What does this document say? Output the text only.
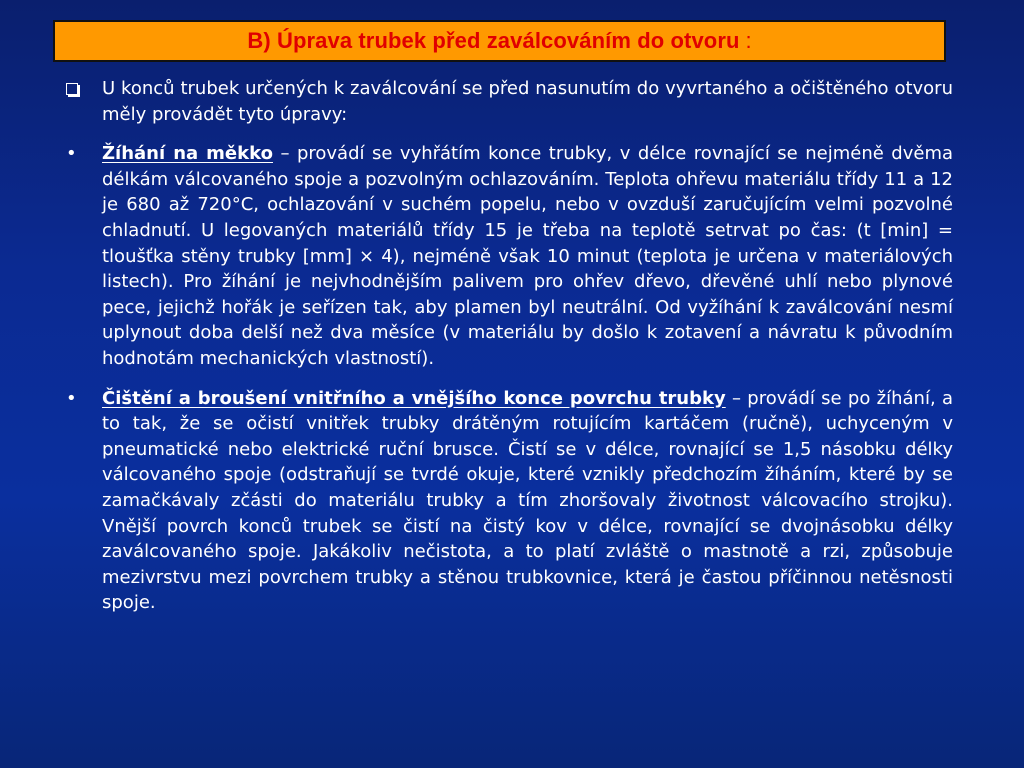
B) Úprava trubek před zaválcováním do otvoru :
U konců trubek určených k zaválcování se před nasunutím do vyvrtaného a očištěného otvoru měly provádět tyto úpravy:
•	Žíhání na měkko – provádí se vyhřátím konce trubky, v délce rovnající se nejméně dvěma délkám válcovaného spoje a pozvolným ochlazováním. Teplota ohřevu materiálu třídy 11 a 12 je 680 až 720°C, ochlazování v suchém popelu, nebo v ovzduší zaručujícím velmi pozvolné chladnutí. U legovaných materiálů třídy 15 je třeba na teplotě setrvat po čas: (t [min] = tloušťka stěny trubky [mm] × 4), nejméně však 10 minut (teplota je určena v materiálových listech). Pro žíhání je nejvhodnějším palivem pro ohřev dřevo, dřevěné uhlí nebo plynové pece, jejichž hořák je seřízen tak, aby plamen byl neutrální. Od vyžíhání k zaválcování nesmí uplynout doba delší než dva měsíce (v materiálu by došlo k zotavení a návratu k původním hodnotám mechanických vlastností).
•	Čištění a broušení vnitřního a vnějšího konce povrchu trubky – provádí se po žíhání, a to tak, že se očistí vnitřek trubky drátěným rotujícím kartáčem (ručně), uchyceným v pneumatické nebo elektrické ruční brusce. Čistí se v délce, rovnající se 1,5 násobku délky válcovaného spoje (odstraňují se tvrdé okuje, které vznikly předchozím žíháním, které by se zamačkávaly zčásti do materiálu trubky a tím zhoršovaly životnost válcovacího strojku). Vnější povrch konců trubek se čistí na čistý kov v délce, rovnající se dvojnásobku délky zaválcovaného spoje. Jakákoliv nečistota, a to platí zvláště o mastnotě a rzi, způsobuje mezivrstvu mezi povrchem trubky a stěnou trubkovnice, která je častou příčinnou netěsnosti spoje.
